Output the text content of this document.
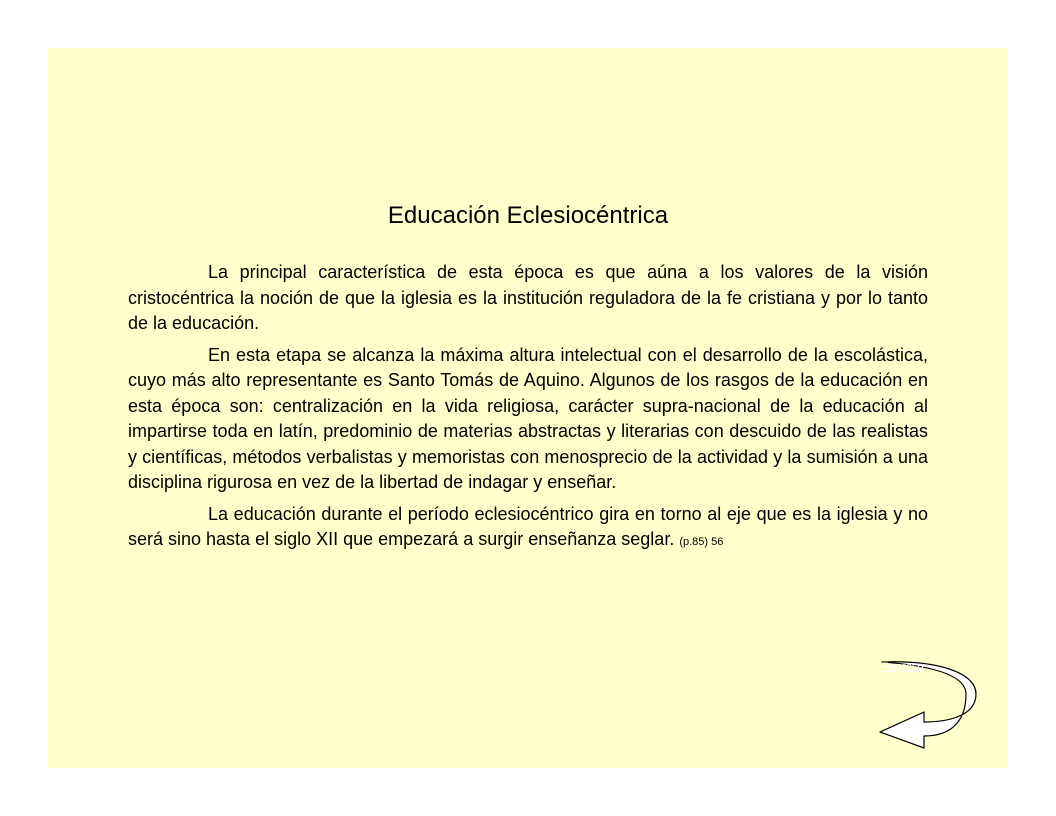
Educación Eclesiocéntrica

La principal característica de esta época es que aúna a los valores de la visión cristocéntrica la noción de que la iglesia es la institución reguladora de la fe cristiana y por lo tanto de la educación.

En esta etapa se alcanza la máxima altura intelectual con el desarrollo de la escolástica, cuyo más alto representante es Santo Tomás de Aquino. Algunos de los rasgos de la educación en esta época son: centralización en la vida religiosa, carácter supra-nacional de la educación al impartirse toda en latín, predominio de materias abstractas y literarias con descuido de las realistas y científicas, métodos verbalistas y memoristas con menosprecio de la actividad y la sumisión a una disciplina rigurosa en vez de la libertad de indagar y enseñar.

La educación durante el período eclesiocéntrico gira en torno al eje que es la iglesia y no será sino hasta el siglo XII que empezará a surgir enseñanza seglar. (p.85) 56

Regreso
